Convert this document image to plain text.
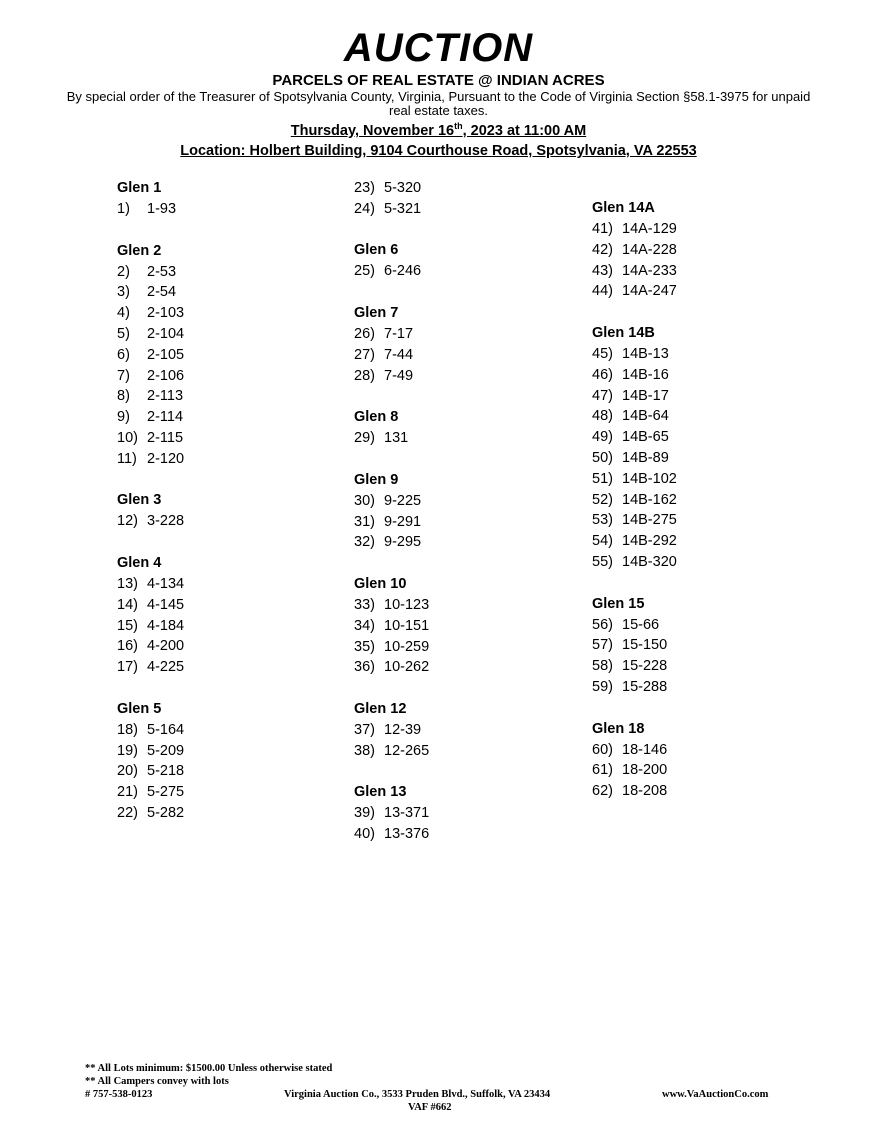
AUCTION
PARCELS OF REAL ESTATE @ INDIAN ACRES
By special order of the Treasurer of Spotsylvania County, Virginia, Pursuant to the Code of Virginia Section §58.1-3975 for unpaid real estate taxes.
Thursday, November 16th, 2023 at 11:00 AM
Location: Holbert Building, 9104 Courthouse Road, Spotsylvania, VA 22553
Glen 1
1) 1-93
Glen 2
2) 2-53
3) 2-54
4) 2-103
5) 2-104
6) 2-105
7) 2-106
8) 2-113
9) 2-114
10) 2-115
11) 2-120
Glen 3
12) 3-228
Glen 4
13) 4-134
14) 4-145
15) 4-184
16) 4-200
17) 4-225
Glen 5
18) 5-164
19) 5-209
20) 5-218
21) 5-275
22) 5-282
23) 5-320
24) 5-321
Glen 6
25) 6-246
Glen 7
26) 7-17
27) 7-44
28) 7-49
Glen 8
29) 131
Glen 9
30) 9-225
31) 9-291
32) 9-295
Glen 10
33) 10-123
34) 10-151
35) 10-259
36) 10-262
Glen 12
37) 12-39
38) 12-265
Glen 13
39) 13-371
40) 13-376
Glen 14A
41) 14A-129
42) 14A-228
43) 14A-233
44) 14A-247
Glen 14B
45) 14B-13
46) 14B-16
47) 14B-17
48) 14B-64
49) 14B-65
50) 14B-89
51) 14B-102
52) 14B-162
53) 14B-275
54) 14B-292
55) 14B-320
Glen 15
56) 15-66
57) 15-150
58) 15-228
59) 15-288
Glen 18
60) 18-146
61) 18-200
62) 18-208
** All Lots minimum: $1500.00 Unless otherwise stated
** All Campers convey with lots
# 757-538-0123	Virginia Auction Co., 3533 Pruden Blvd., Suffolk, VA 23434
VAF #662
www.VaAuctionCo.com
